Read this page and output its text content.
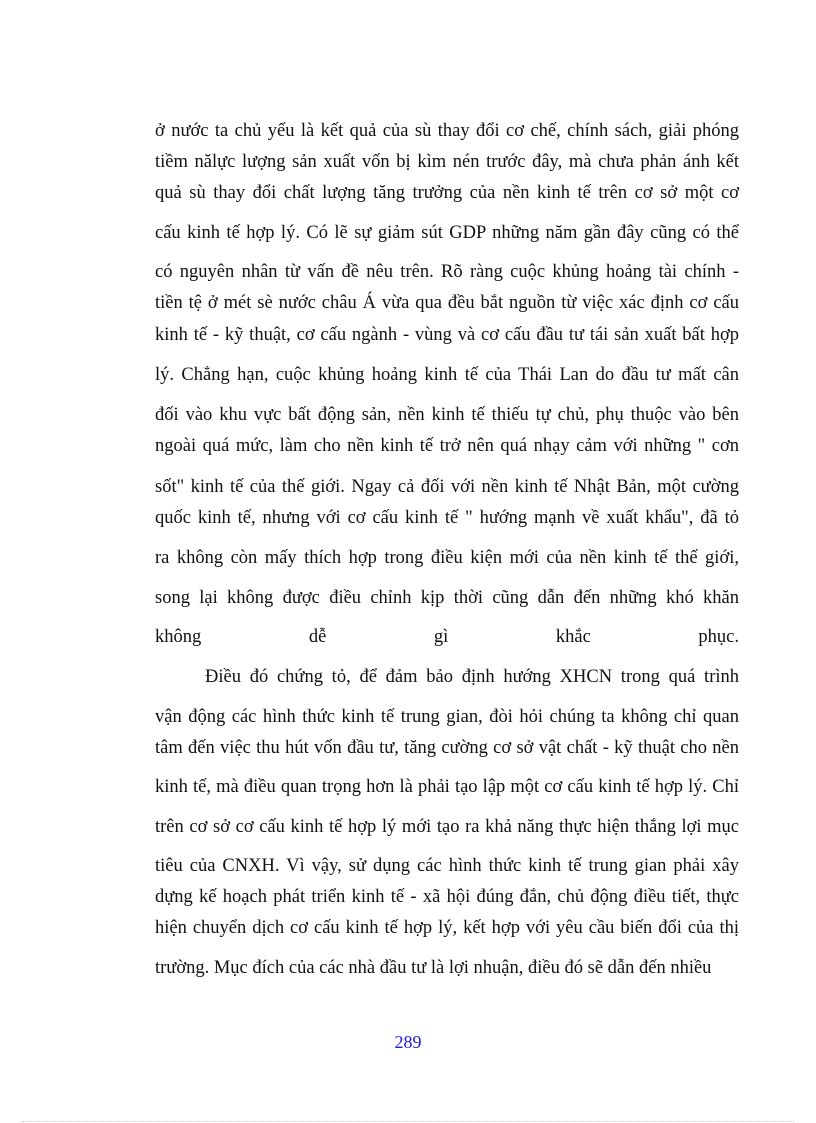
ở nước ta chủ yếu là kết quả của sù thay đổi cơ chế, chính sách, giải phóng
tiềm nălực lượng sản xuất vốn bị kìm nén trước đây, mà chưa phản ánh kết
quả sù thay đổi chất lượng tăng trưởng của nền kinh tế trên cơ sở một cơ
cấu kinh tế hợp lý. Có lẽ sự giảm sút GDP những năm gần đây cũng có thể
có nguyên nhân từ vấn đề nêu trên. Rõ ràng cuộc khủng hoảng tài chính -
tiền tệ ở mét sè nước châu Á vừa qua đều bắt nguồn từ việc xác định cơ cấu
kinh tế - kỹ thuật, cơ cấu ngành - vùng và cơ cấu đầu tư tái sản xuất bất hợp
lý. Chẳng hạn, cuộc khủng hoảng kinh tế của Thái Lan do đầu tư mất cân
đối vào khu vực bất động sản, nền kinh tế thiếu tự chủ, phụ thuộc vào bên
ngoài quá mức, làm cho nền kinh tế trở nên quá nhạy cảm với những " cơn
sốt" kinh tế của thế giới. Ngay cả đối với nền kinh tế Nhật Bản, một cường
quốc kinh tế, nhưng với cơ cấu kinh tế " hướng mạnh về xuất khẩu", đã tỏ
ra không còn mấy thích hợp trong điều kiện mới của nền kinh tế thế giới,
song lại không được điều chỉnh kịp thời cũng dẫn đến những khó khăn
không dễ gì khắc phục.
Điều đó chứng tỏ, để đảm bảo định hướng XHCN trong quá trình
vận động các hình thức kinh tế trung gian, đòi hỏi chúng ta không chỉ quan
tâm đến việc thu hút vốn đầu tư, tăng cường cơ sở vật chất - kỹ thuật cho nền
kinh tế, mà điều quan trọng hơn là phải tạo lập một cơ cấu kinh tế hợp lý. Chỉ
trên cơ sở cơ cấu kinh tế hợp lý mới tạo ra khả năng thực hiện thắng lợi mục
tiêu của CNXH. Vì vậy, sử dụng các hình thức kinh tế trung gian phải xây
dựng kế hoạch phát triển kinh tế - xã hội đúng đắn, chủ động điều tiết, thực
hiện chuyển dịch cơ cấu kinh tế hợp lý, kết hợp với yêu cầu biến đổi của thị
trường. Mục đích của các nhà đầu tư là lợi nhuận, điều đó sẽ dẫn đến nhiều
289
